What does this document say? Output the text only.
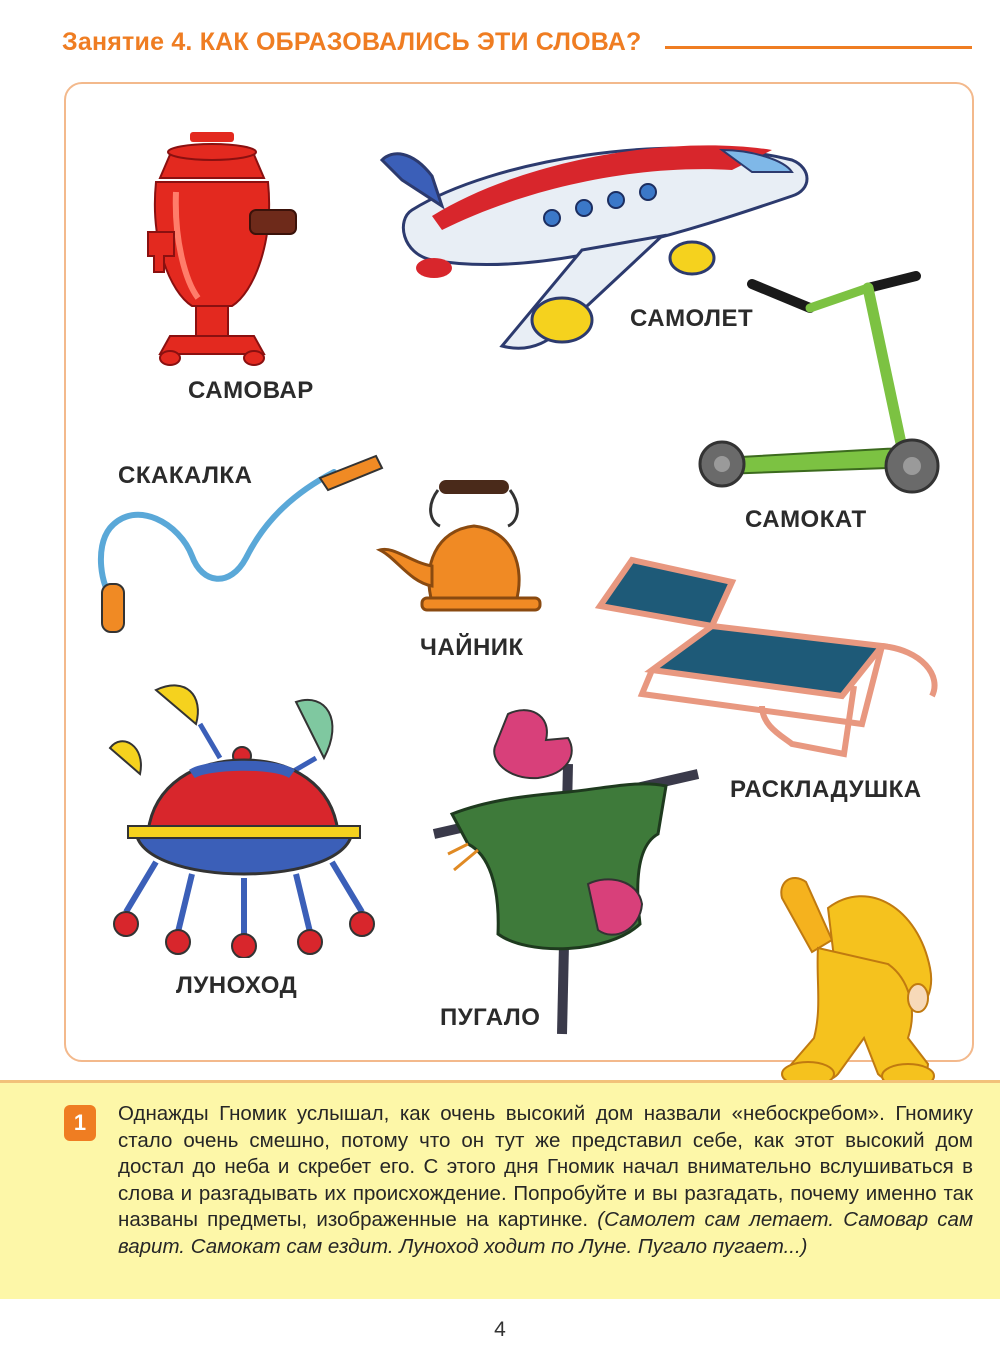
Занятие 4. КАК ОБРАЗОВАЛИСЬ ЭТИ СЛОВА?
САМОВАР
САМОЛЕТ
САМОКАТ
СКАКАЛКА
ЧАЙНИК
РАСКЛАДУШКА
ЛУНОХОД
ПУГАЛО
1	Однажды Гномик услышал, как очень высокий дом назвали «небоскребом». Гномику стало очень смешно, потому что он тут же представил себе, как этот высокий дом достал до неба и скребет его. С этого дня Гномик начал внимательно вслушиваться в слова и разгадывать их происхождение. Попробуйте и вы разгадать, почему именно так названы предметы, изображенные на картинке. (Самолет сам летает. Самовар сам варит. Самокат сам ездит. Луноход ходит по Луне. Пугало пугает...)
4
